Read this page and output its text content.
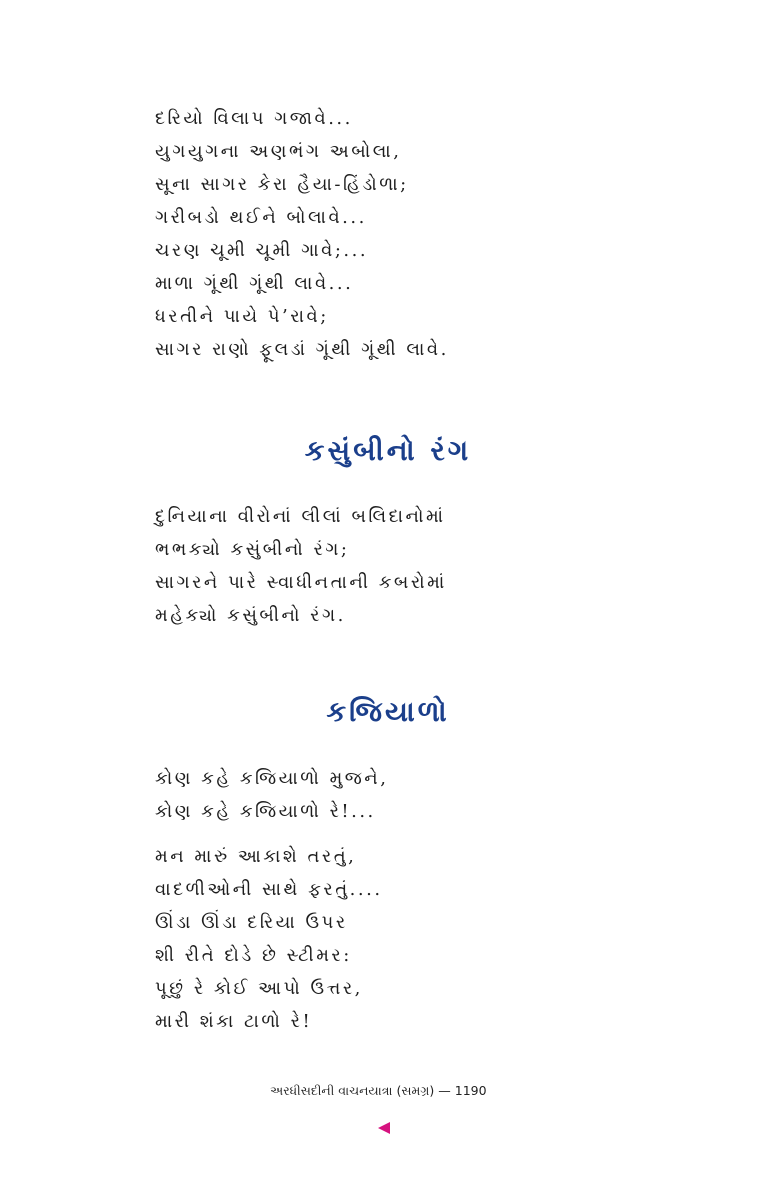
દરિયો વિલાપ ગજાવે...
યુગયુગના અણભંગ અબોલા,
સૂના સાગર કેરા હૈયા-હિંડોળા;
ગરીબડો થઈને બોલાવે...
ચરણ ચૂમી ચૂમી ગાવે;...
માળા ગૂંથી ગૂંથી લાવે...
ધરતીને પાયે પે’રાવે;
સાગર રાણો ફૂલડાં ગૂંથી ગૂંથી લાવે.
કસુંબીનો રંગ
દુનિયાના વીરોનાં લીલાં બલિદાનોમાં
ભભક્યો કસુંબીનો રંગ;
સાગરને પારે સ્વાધીનતાની કબરોમાં
મહેક્યો કસુંબીનો રંગ.
કજિયાળો
કોણ કહે કજિયાળો મુજને,
કોણ કહે કજિયાળો રે!...
મન મારું આકાશે તરતું,
વાદળીઓની સાથે ફરતું....
ઊંડા ઊંડા દરિયા ઉપર
શી રીતે દોડે છે સ્ટીમર:
પૂછું રે કોઈ આપો ઉત્તર,
મારી શંકા ટાળો રે!
અરધીસદીની વાચનયાત્રા (સમગ્ર) — 1190
